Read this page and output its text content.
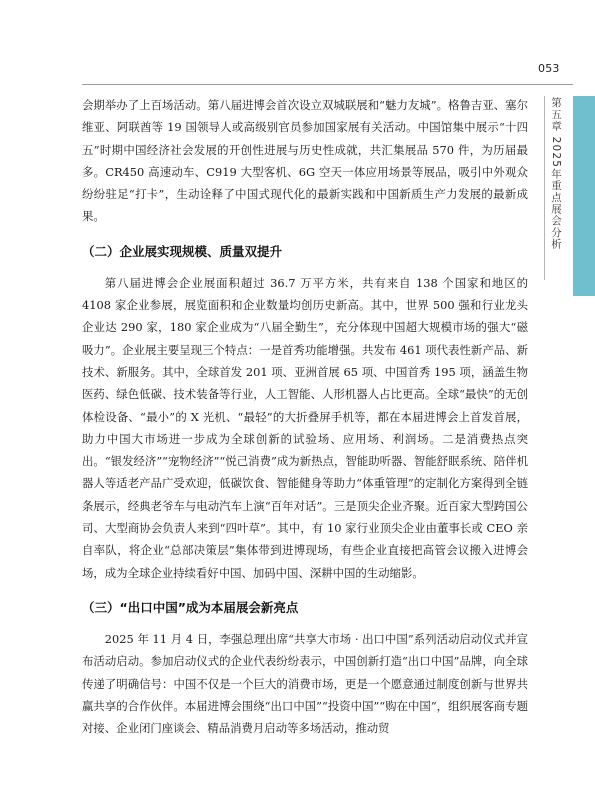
053
第五章 2025年重点展会分析

会期举办了上百场活动。第八届进博会首次设立双城联展和“魅力友城”。格鲁吉亚、塞尔维亚、阿联酋等 19 国领导人或高级别官员参加国家展有关活动。中国馆集中展示“十四五”时期中国经济社会发展的开创性进展与历史性成就，共汇集展品 570 件，为历届最多。CR450 高速动车、C919 大型客机、6G 空天一体应用场景等展品，吸引中外观众纷纷驻足“打卡”，生动诠释了中国式现代化的最新实践和中国新质生产力发展的最新成果。

（二）企业展实现规模、质量双提升

第八届进博会企业展面积超过 36.7 万平方米，共有来自 138 个国家和地区的 4108 家企业参展，展览面积和企业数量均创历史新高。其中，世界 500 强和行业龙头企业达 290 家，180 家企业成为“八届全勤生”，充分体现中国超大规模市场的强大“磁吸力”。企业展主要呈现三个特点：一是首秀功能增强。共发布 461 项代表性新产品、新技术、新服务。其中，全球首发 201 项、亚洲首展 65 项、中国首秀 195 项，涵盖生物医药、绿色低碳、技术装备等行业，人工智能、人形机器人占比更高。全球“最快”的无创体检设备、“最小”的 X 光机、“最轻”的大折叠屏手机等，都在本届进博会上首发首展，助力中国大市场进一步成为全球创新的试验场、应用场、利润场。二是消费热点突出。“银发经济”“宠物经济”“悦己消费”成为新热点，智能助听器、智能舒眠系统、陪伴机器人等适老产品广受欢迎，低碳饮食、智能健身等助力“体重管理”的定制化方案得到全链条展示，经典老爷车与电动汽车上演“百年对话”。三是顶尖企业齐聚。近百家大型跨国公司、大型商协会负责人来到“四叶草”。其中，有 10 家行业顶尖企业由董事长或 CEO 亲自率队，将企业“总部决策层”集体带到进博现场，有些企业直接把高管会议搬入进博会场，成为全球企业持续看好中国、加码中国、深耕中国的生动缩影。

（三）“出口中国”成为本届展会新亮点

2025 年 11 月 4 日，李强总理出席“共享大市场 · 出口中国”系列活动启动仪式并宣布活动启动。参加启动仪式的企业代表纷纷表示，中国创新打造“出口中国”品牌，向全球传递了明确信号：中国不仅是一个巨大的消费市场，更是一个愿意通过制度创新与世界共赢共享的合作伙伴。本届进博会围绕“出口中国”“投资中国”“购在中国”，组织展客商专题对接、企业闭门座谈会、精品消费月启动等多场活动，推动贸
